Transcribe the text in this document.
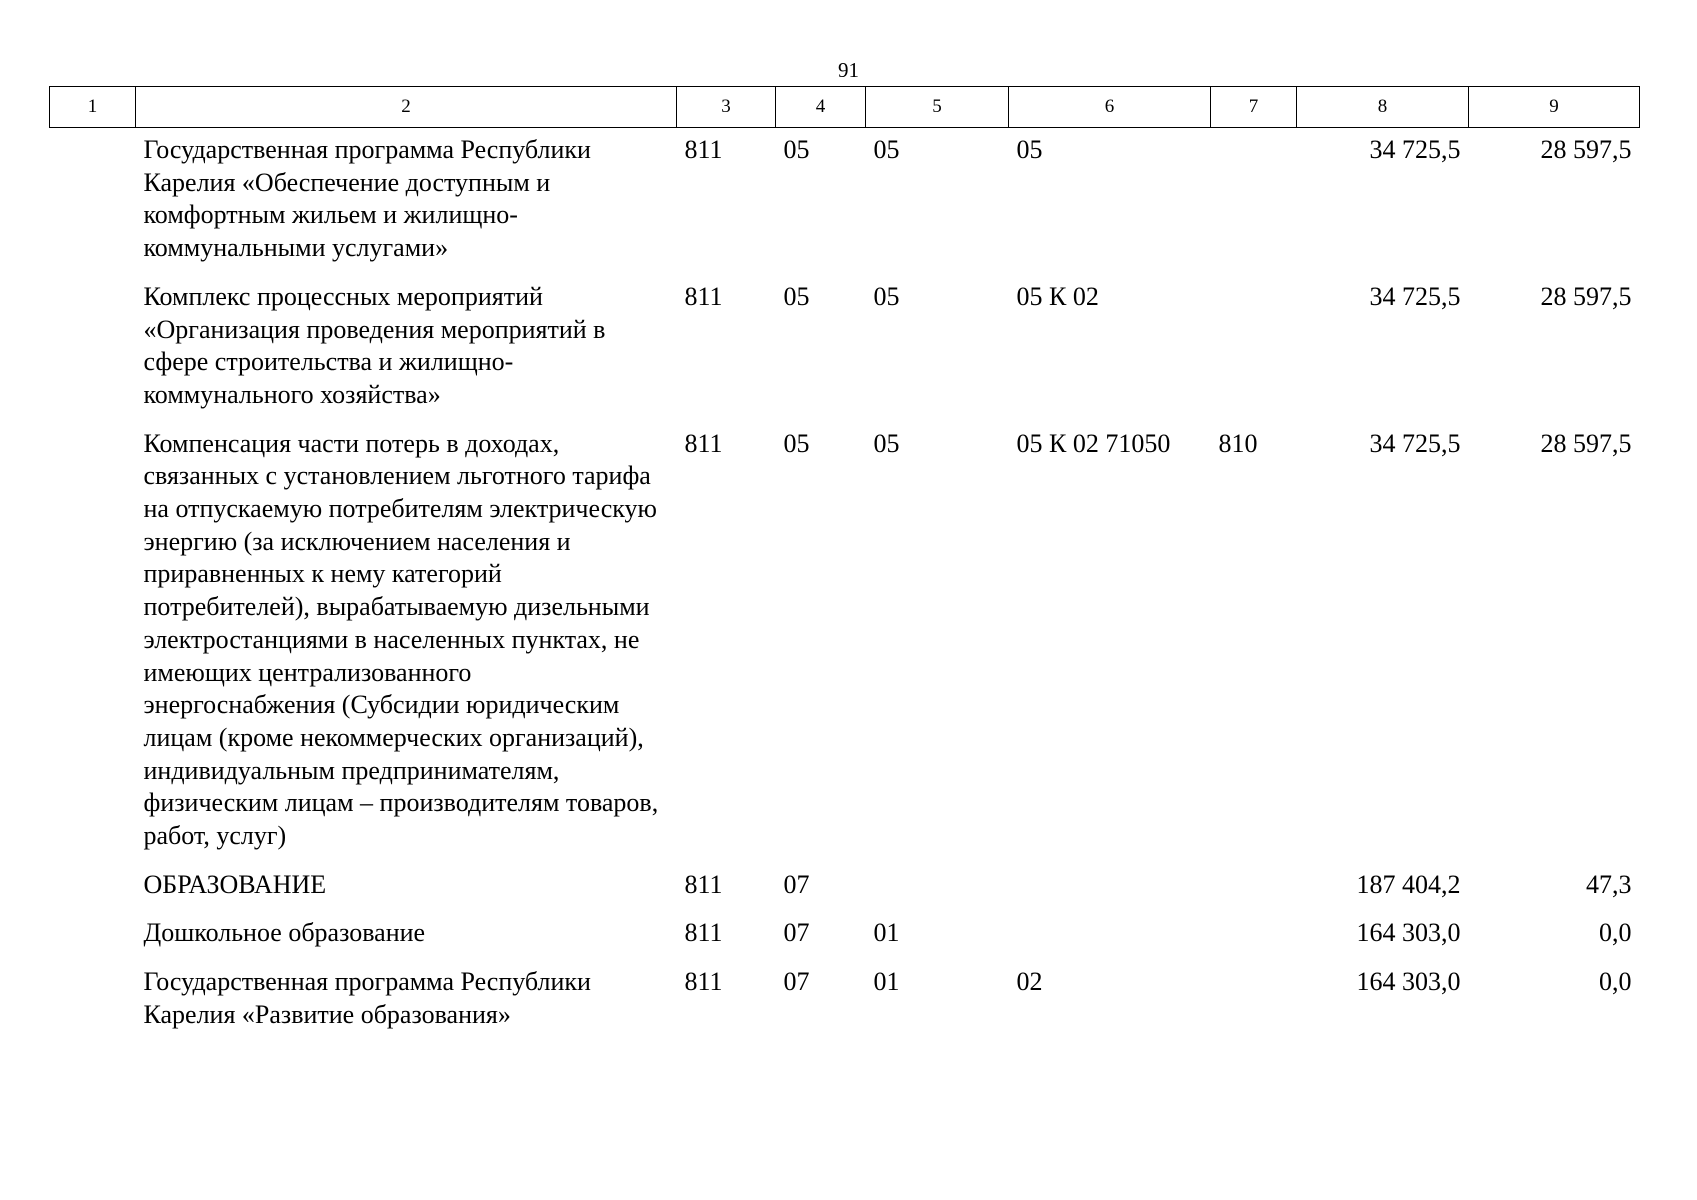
91
1	2	3	4	5	6	7	8	9
	Государственная программа Республики Карелия «Обеспечение доступным и комфортным жильем и жилищно-коммунальными услугами»	811	05	05	05		34 725,5	28 597,5
	Комплекс процессных мероприятий «Организация проведения мероприятий в сфере строительства и жилищно-коммунального хозяйства»	811	05	05	05 К 02		34 725,5	28 597,5
	Компенсация части потерь в доходах, связанных с установлением льготного тарифа на отпускаемую потребителям электрическую энергию (за исключением населения и приравненных к нему категорий потребителей), вырабатываемую дизельными электростанциями в населенных пунктах, не имеющих централизованного энергоснабжения (Субсидии юридическим лицам (кроме некоммерческих организаций), индивидуальным предпринимателям, физическим лицам – производителям товаров, работ, услуг)	811	05	05	05 К 02 71050	810	34 725,5	28 597,5
	ОБРАЗОВАНИЕ	811	07				187 404,2	47,3
	Дошкольное образование	811	07	01			164 303,0	0,0
	Государственная программа Республики Карелия «Развитие образования»	811	07	01	02		164 303,0	0,0
